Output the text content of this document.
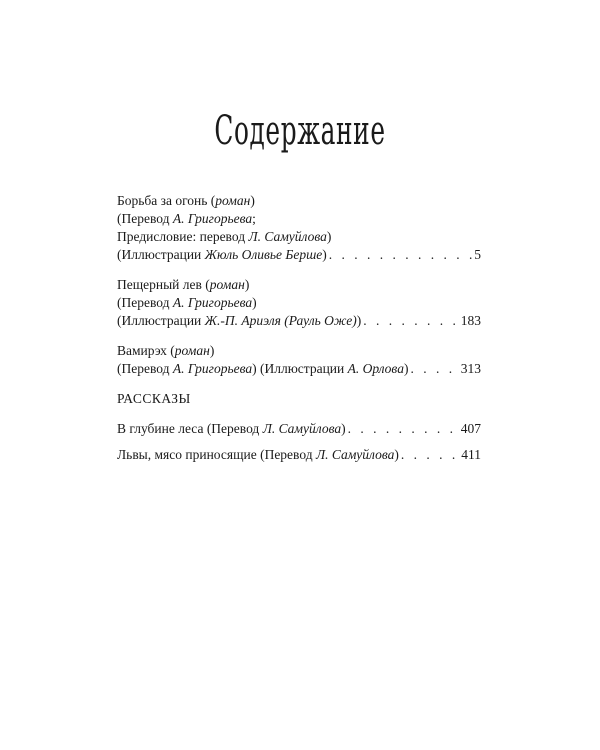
Содержание
Борьба за огонь (роман)
(Перевод А. Григорьева;
Предисловие: перевод Л. Самуйлова)
(Иллюстрации Жюль Оливье Берше) . . .	5
Пещерный лев (роман)
(Перевод А. Григорьева)
(Иллюстрации Ж.-П. Ариэля (Рауль Оже)) . . .	183
Вамирэх (роман)
(Перевод А. Григорьева) (Иллюстрации А. Орлова) . . .	313
РАССКАЗЫ
В глубине леса (Перевод Л. Самуйлова) . . .	407
Львы, мясо приносящие (Перевод Л. Самуйлова) . . .	411
